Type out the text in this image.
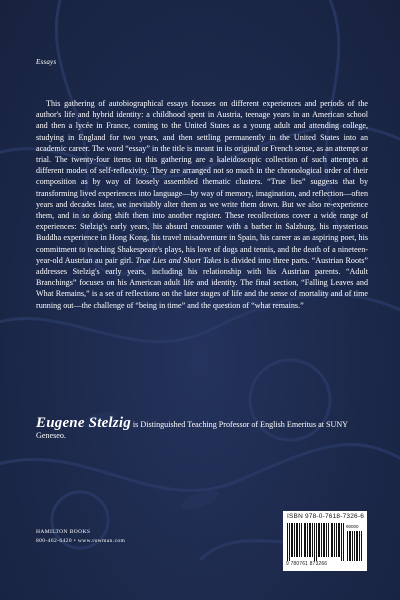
Essays

This gathering of autobiographical essays focuses on different experiences and periods of the author's life and hybrid identity: a childhood spent in Austria, teenage years in an American school and then a lycée in France, coming to the United States as a young adult and attending college, studying in England for two years, and then settling permanently in the United States into an academic career. The word “essay” in the title is meant in its original or French sense, as an attempt or trial. The twenty-four items in this gathering are a kaleidoscopic collection of such attempts at different modes of self-reflexivity. They are arranged not so much in the chronological order of their composition as by way of loosely assembled thematic clusters. “True lies” suggests that by transforming lived experiences into language—by way of memory, imagination, and reflection—often years and decades later, we inevitably alter them as we write them down. But we also re-experience them, and in so doing shift them into another register. These recollections cover a wide range of experiences: Stelzig's early years, his absurd encounter with a barber in Salzburg, his mysterious Buddha experience in Hong Kong, his travel misadventure in Spain, his career as an aspiring poet, his commitment to teaching Shakespeare's plays, his love of dogs and tennis, and the death of a nineteen-year-old Austrian au pair girl. True Lies and Short Takes is divided into three parts. “Austrian Roots” addresses Stelzig's early years, including his relationship with his Austrian parents. “Adult Branchings” focuses on his American adult life and identity. The final section, “Falling Leaves and What Remains,” is a set of reflections on the later stages of life and the sense of mortality and of time running out—the challenge of “being in time” and the question of “what remains.”

Eugene Stelzig is Distinguished Teaching Professor of English Emeritus at SUNY Geneseo.

HAMILTON BOOKS
800-462-6420 • www.rowman.com
ISBN 978-0-7618-7326-6
90000
9 780761 873266
